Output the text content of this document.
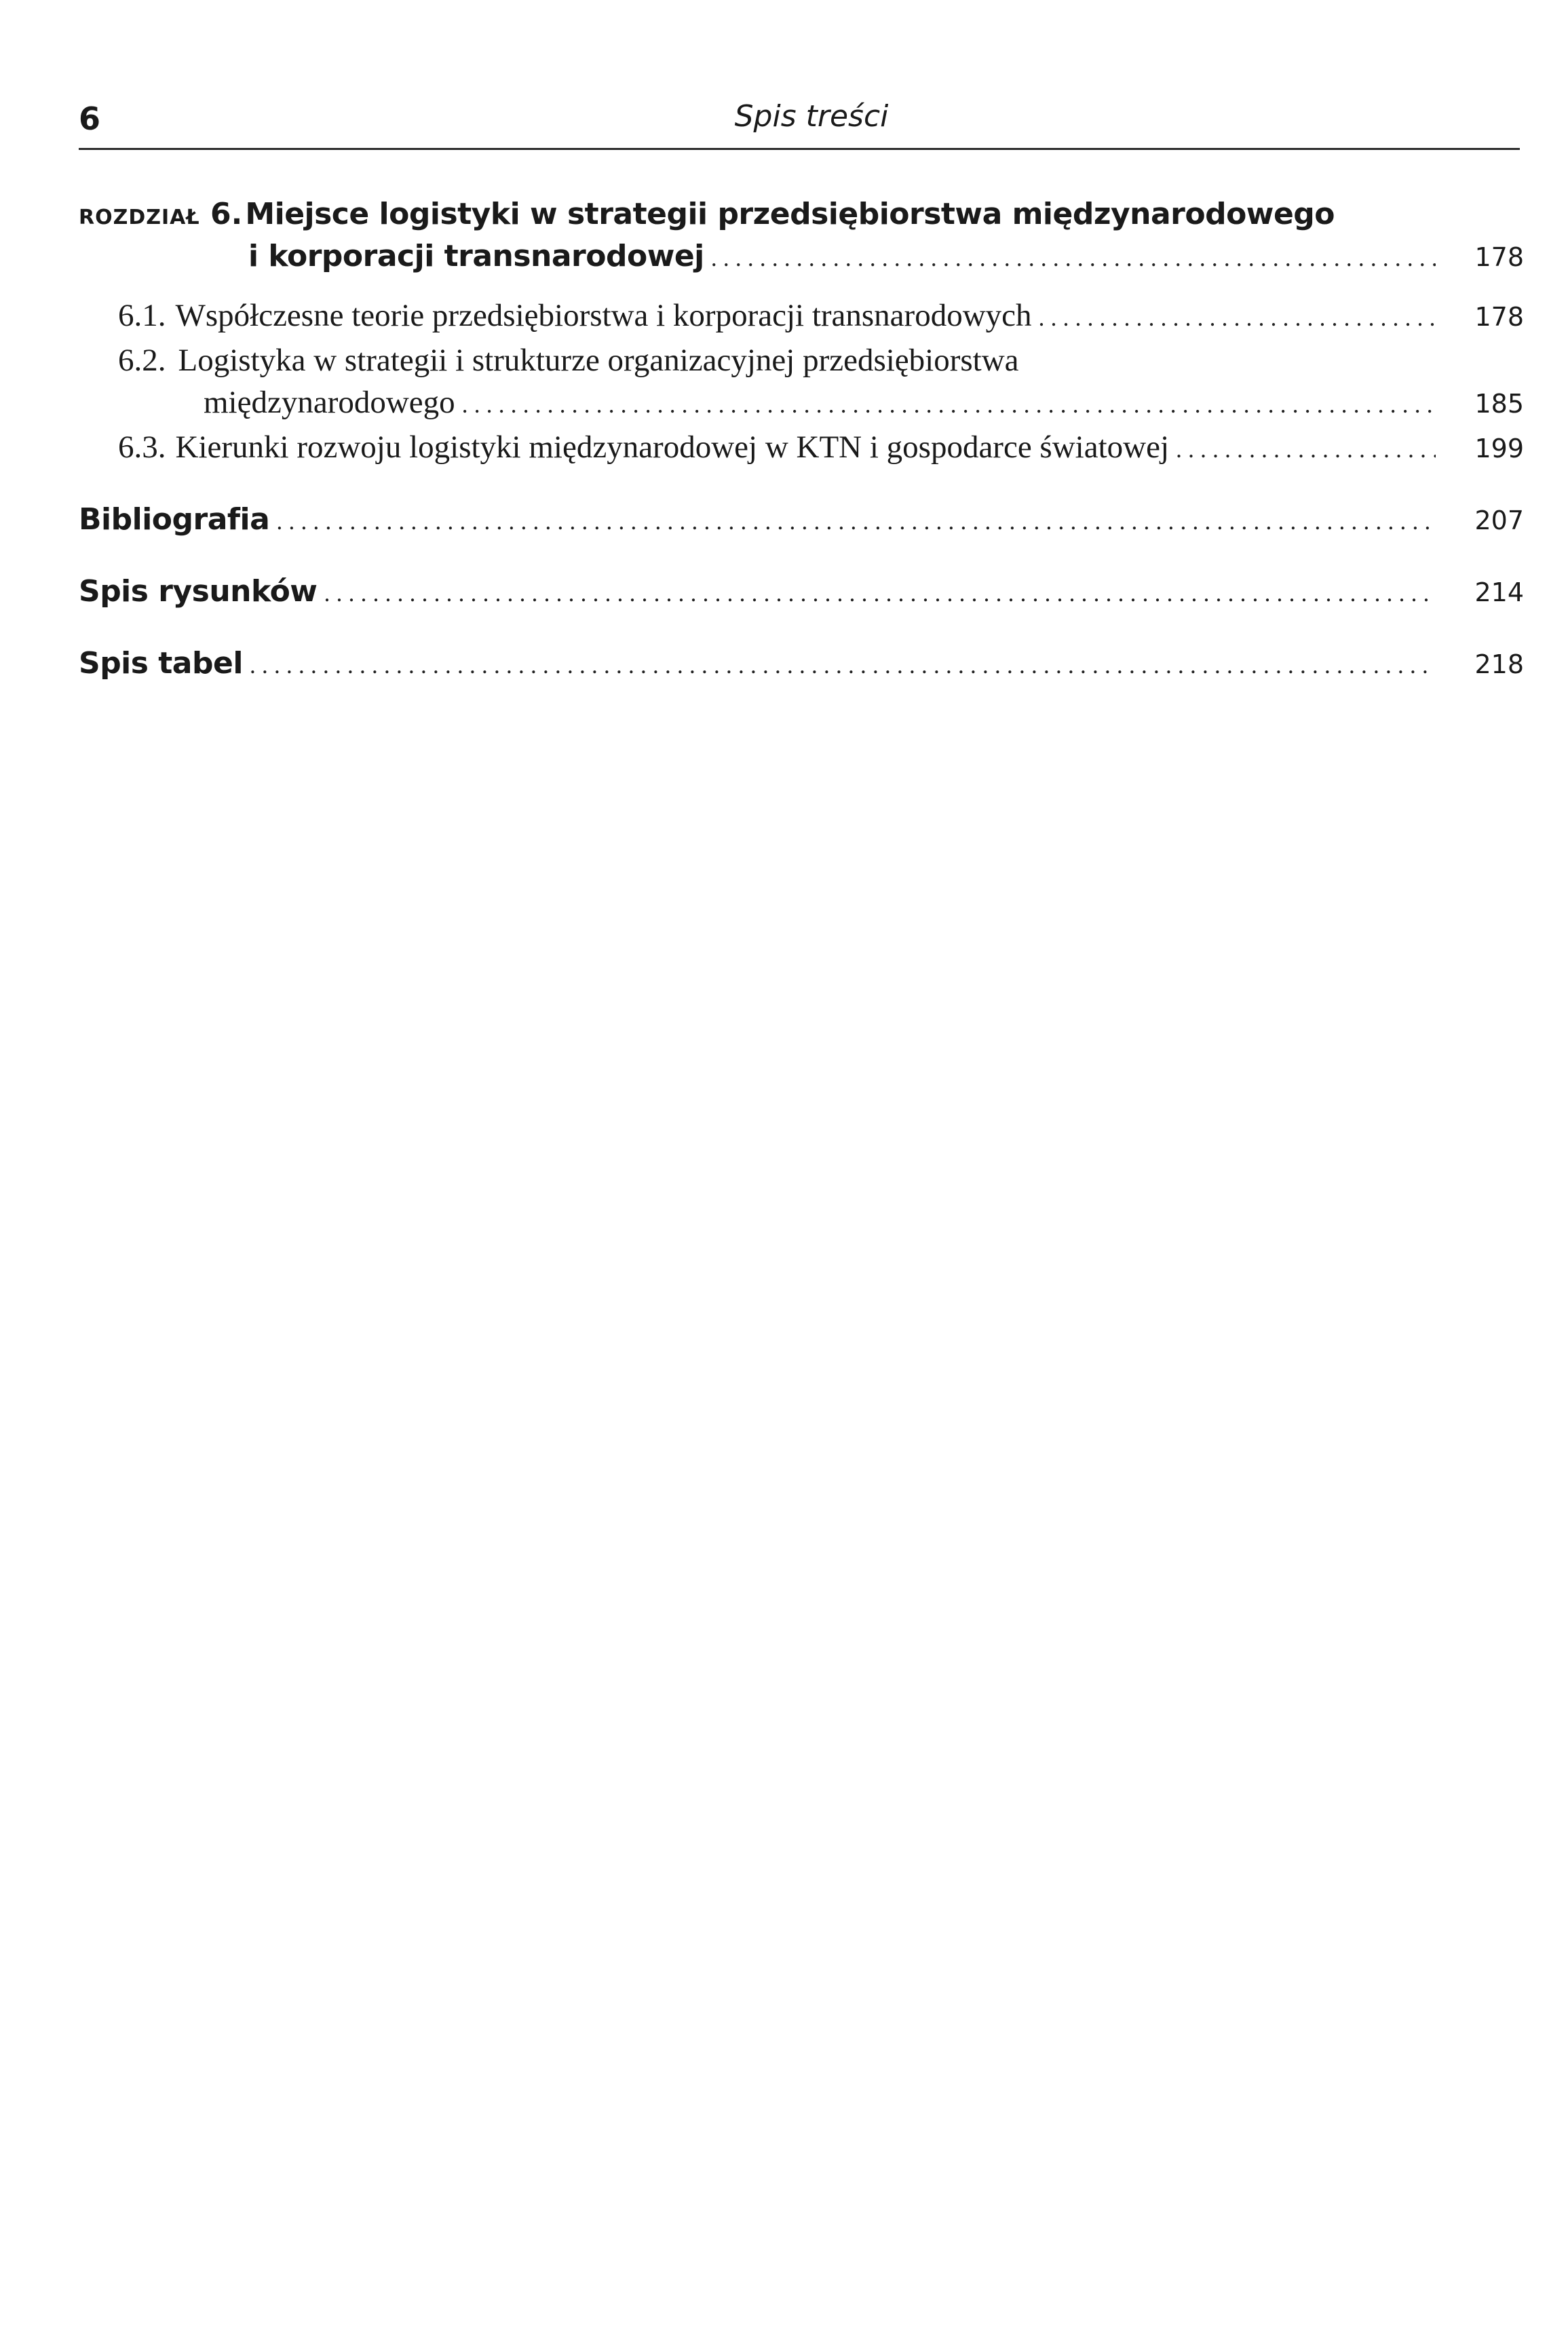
6	Spis treści
ROZDZIAŁ 6. Miejsce logistyki w strategii przedsiębiorstwa międzynarodowego
i korporacji transnarodowej . . .	178
6.1. Współczesne teorie przedsiębiorstwa i korporacji transnarodowych . . .	178
6.2. Logistyka w strategii i strukturze organizacyjnej przedsiębiorstwa
międzynarodowego . . .	185
6.3. Kierunki rozwoju logistyki międzynarodowej w KTN i gospodarce światowej . . .	199
Bibliografia . . .	207
Spis rysunków . . .	214
Spis tabel . . .	218
